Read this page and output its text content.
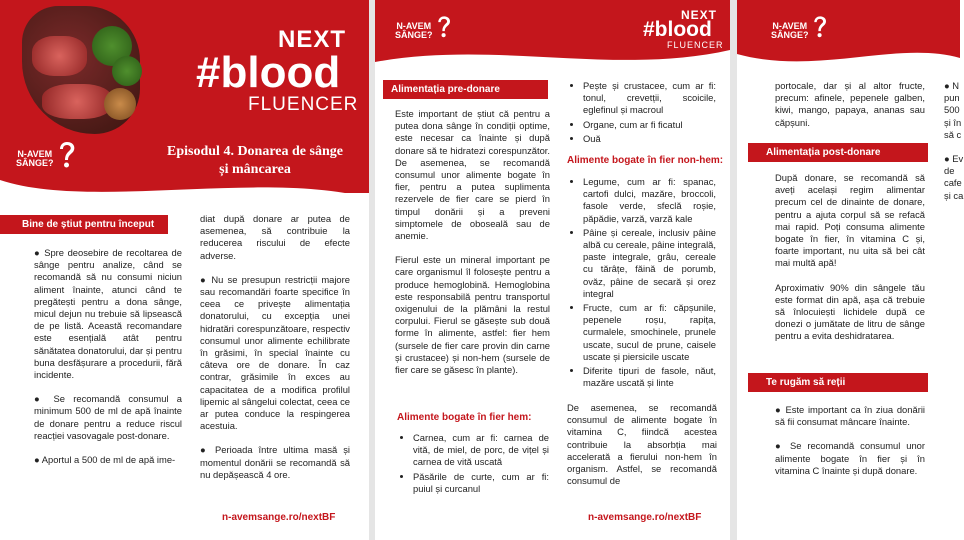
NEXT
#blood
FLUENCER
N-AVEM
SÂNGE?
Episodul 4. Donarea de sânge
și mâncarea
Bine de știut pentru început

● Spre deosebire de recoltarea de sânge pentru analize, când se recomandă să nu consumi niciun aliment înainte, atunci când te pregătești pentru a dona sânge, micul dejun nu trebuie să lipsească de pe listă. Această recomandare este esențială atât pentru sănătatea donatorului, dar și pentru buna desfășurare a procedurii, fără incidente.

● Se recomandă consumul a minimum 500 de ml de apă înainte de donare pentru a reduce riscul reacției vasovagale post-donare.

● Aportul a 500 de ml de apă ime-

diat după donare ar putea de asemenea, să contribuie la reducerea riscului de efecte adverse.

● Nu se presupun restricții majore sau recomandări foarte specifice în ceea ce privește alimentația donatorului, cu excepția unei hidratări corespunzătoare, respectiv consumul unor alimente echilibrate în grăsimi, în special înainte cu câteva ore de donare. În caz contrar, grăsimile în exces au capacitatea de a modifica profilul lipemic al sângelui colectat, ceea ce ar putea conduce la respingerea acestuia.

● Perioada între ultima masă și momentul donării se recomandă să nu depășească 4 ore.

n-avemsange.ro/nextBF
N-AVEM
SÂNGE?
NEXT
#blood
FLUENCER
Alimentația pre-donare

Este important de știut că pentru a putea dona sânge în condiții optime, este necesar ca înainte și după donare să te hidratezi corespunzător. De asemenea, se recomandă consumul unor alimente bogate în fier, pentru a putea suplimenta rezervele de fier care se pierd în timpul donării și a preveni simptomele de oboseală sau de anemie.

Fierul este un mineral important pe care organismul îl folosește pentru a produce hemoglobină. Hemoglobina este responsabilă pentru transportul oxigenului de la plămâni la restul corpului. Fierul se găsește sub două forme în alimente, astfel: fier hem (sursele de fier care provin din carne și crustacee) și non-hem (sursele de fier care se găsesc în plante).

Alimente bogate în fier hem:
• Carnea, cum ar fi: carnea de vită, de miel, de porc, de vițel și carnea de vită uscată
• Păsările de curte, cum ar fi: puiul și curcanul
• Pește și crustacee, cum ar fi: tonul, crevetții, scoicile, eglefinul și macroul
• Organe, cum ar fi ficatul
• Ouă
Alimente bogate în fier non-hem:
• Legume, cum ar fi: spanac, cartofi dulci, mazăre, broccoli, fasole verde, sfeclă roșie, păpădie, varză, varză kale
• Pâine și cereale, inclusiv pâine albă cu cereale, pâine integrală, paste integrale, grâu, cereale cu tărâțe, făină de porumb, ovăz, pâine de secară și orez integral
• Fructe, cum ar fi: căpșunile, pepenele roșu, rapița, curmalele, smochinele, prunele uscate, sucul de prune, caisele uscate și piersicile uscate
• Diferite tipuri de fasole, năut, mazăre uscată și linte
De asemenea, se recomandă consumul de alimente bogate în vitamina C, fiindcă acestea contribuie la absorbția mai accelerată a fierului non-hem în organism. Astfel, se recomandă consumul de
n-avemsange.ro/nextBF
N-AVEM
SÂNGE?
portocale, dar și al altor fructe, precum: afinele, pepenele galben, kiwi, mango, papaya, ananas sau căpșuni.
Alimentația post-donare

După donare, se recomandă să aveți același regim alimentar precum cel de dinainte de donare, pentru a ajuta corpul să se refacă mai rapid. Poți consuma alimente bogate în fier, în vitamina C și, foarte important, nu uita să bei cât mai multă apă!

Aproximativ 90% din sângele tău este format din apă, așa că trebuie să înlocuiești lichidele după ce donezi o jumătate de litru de sânge pentru a evita deshidratarea.

Te rugăm să reții

● Este important ca în ziua donării să fii consumat mâncare înainte.

● Se recomandă consumul unor alimente bogate în fier și în vitamina C înainte și după donare.

● N
pun
500
și în
să c
● Ev
de
cafe
și ca
